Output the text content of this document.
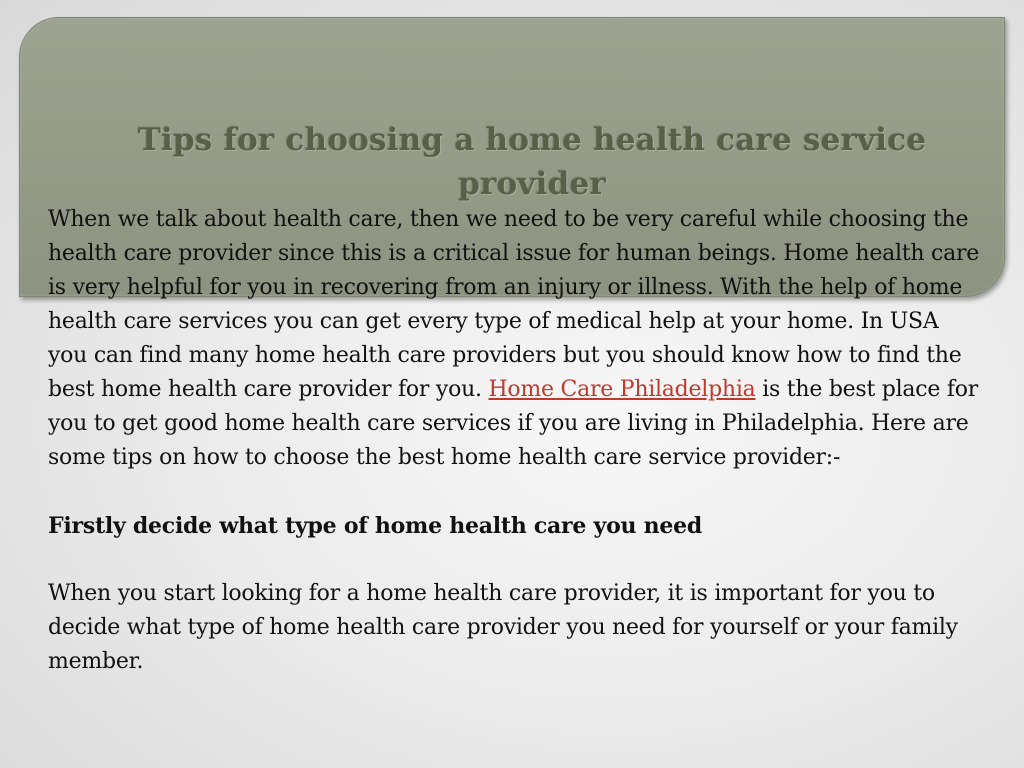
Tips for choosing a home health care service provider

When we talk about health care, then we need to be very careful while choosing the health care provider since this is a critical issue for human beings. Home health care is very helpful for you in recovering from an injury or illness. With the help of home health care services you can get every type of medical help at your home. In USA you can find many home health care providers but you should know how to find the best home health care provider for you. Home Care Philadelphia is the best place for you to get good home health care services if you are living in Philadelphia. Here are some tips on how to choose the best home health care service provider:-

Firstly decide what type of home health care you need

When you start looking for a home health care provider, it is important for you to decide what type of home health care provider you need for yourself or your family member.
